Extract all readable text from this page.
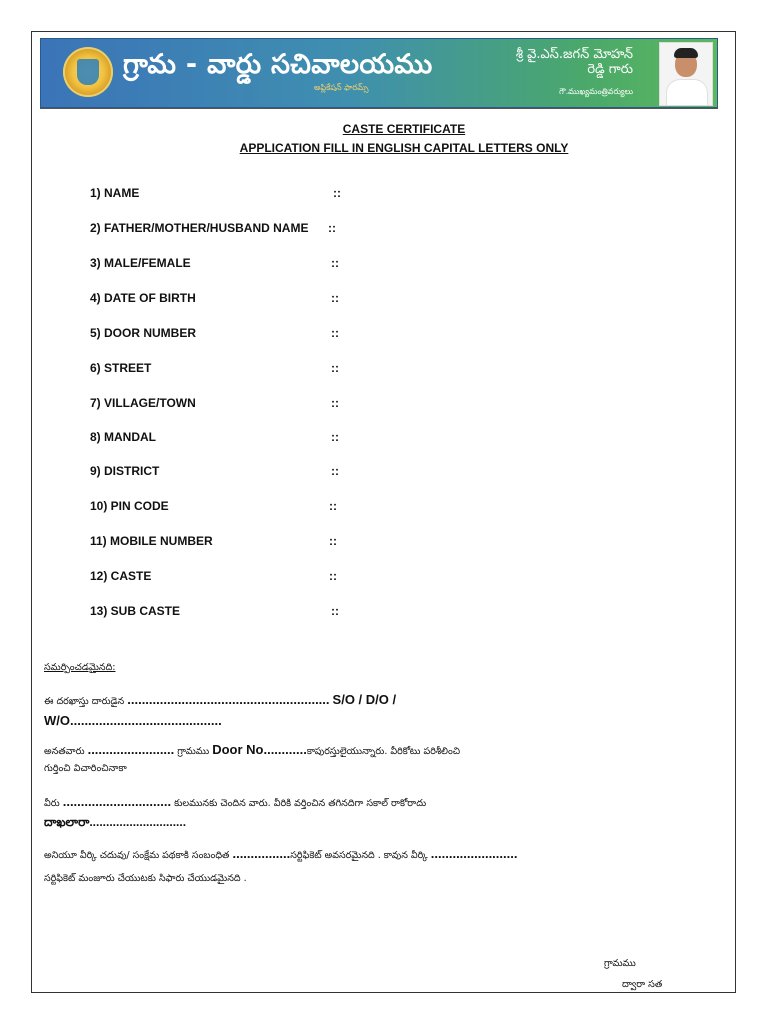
గ్రామ - వార్డు సచివాలయము
అప్లికేషన్ ఫారమ్స్
శ్రీ వై.ఎస్.జగన్ మోహన్
రెడ్డి గారు
గౌ.ముఖ్యమంత్రివర్యులు
CASTE CERTIFICATE
APPLICATION FILL IN ENGLISH CAPITAL LETTERS ONLY
1) NAME	::
2) FATHER/MOTHER/HUSBAND NAME ::
3) MALE/FEMALE	::
4) DATE OF BIRTH	::
5) DOOR NUMBER	::
6) STREET	::
7) VILLAGE/TOWN	::
8) MANDAL	::
9) DISTRICT	::
10) PIN CODE	::
11) MOBILE NUMBER	::
12) CASTE	::
13) SUB CASTE	::
సమర్పించడమైనది:
ఈ దరఖాస్తు దారుడైన ........................................................ S/O / D/O /
W/O..........................................
అనతవారు ........................ గ్రామము Door No............కాపురస్తులైయున్నారు. వీరికోటు పరిశీలించి
గుర్తించి విచారించినాకా
వీరు .............................. కులమునకు చెందిన వారు. వీరికి వర్తించిన తగినదిగా సకాల్ రాకోరాదు
దాఖలారా.............................
అనియూ వీర్కి చదువు/ సంక్షేమ పథకాకి సంబంధిత ................సర్టిఫికెట్ అవసరమైనది . కావున వీర్కి ........................
సర్టిఫికెట్ మంజూరు చేయుటకు సిఫారు చేయుడమైనది .
గ్రామము
ద్వారా సత
